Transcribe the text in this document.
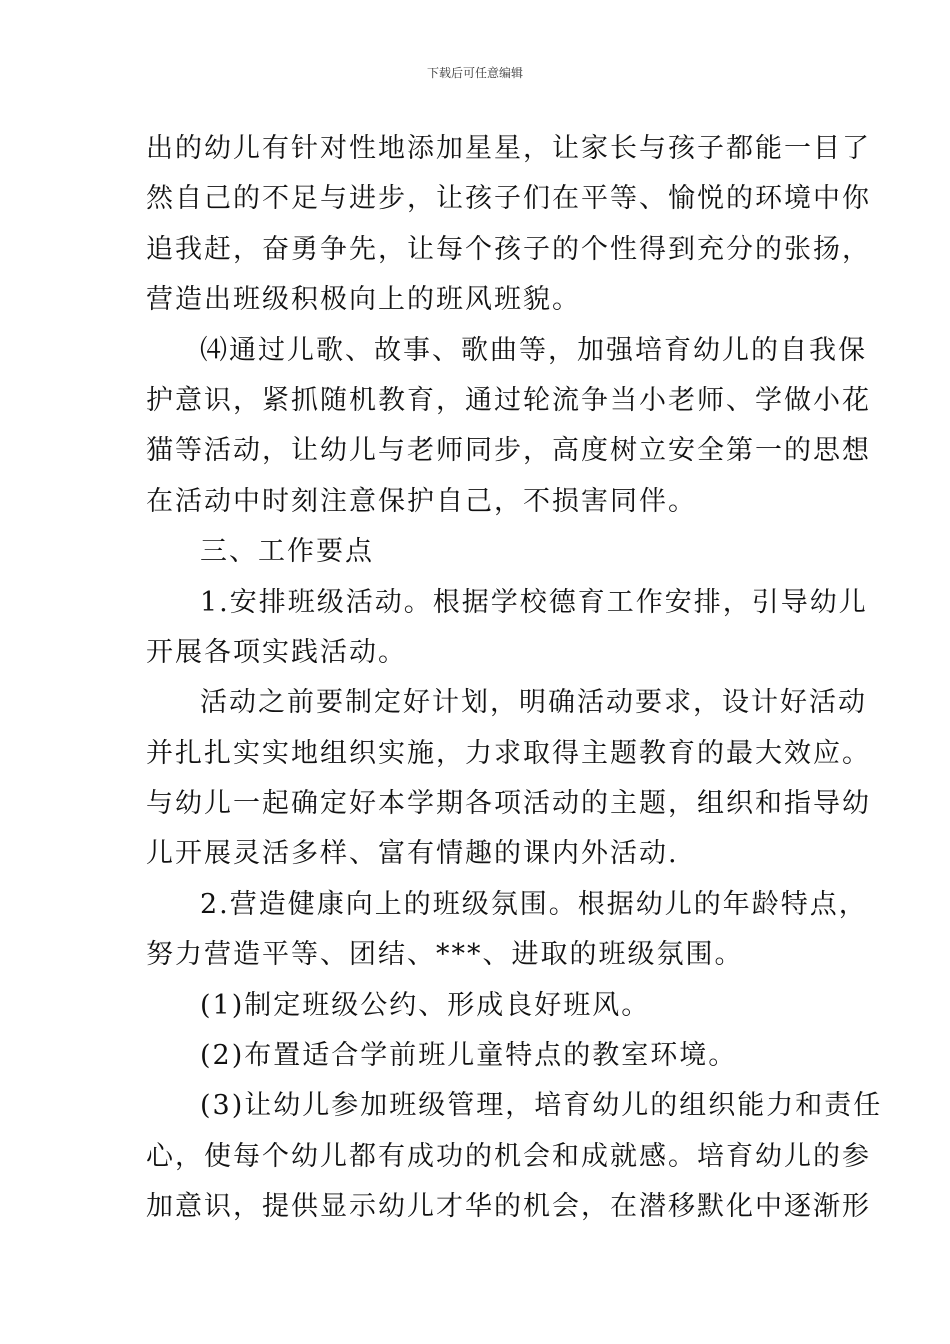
下载后可任意编辑
出的幼儿有针对性地添加星星，让家长与孩子都能一目了
然自己的不足与进步，让孩子们在平等、愉悦的环境中你
追我赶，奋勇争先，让每个孩子的个性得到充分的张扬，
营造出班级积极向上的班风班貌。
⑷通过儿歌、故事、歌曲等，加强培育幼儿的自我保
护意识，紧抓随机教育，通过轮流争当小老师、学做小花
猫等活动，让幼儿与老师同步，高度树立安全第一的思想
在活动中时刻注意保护自己，不损害同伴。
三、工作要点
1.安排班级活动。根据学校德育工作安排，引导幼儿
开展各项实践活动。
活动之前要制定好计划，明确活动要求，设计好活动
并扎扎实实地组织实施，力求取得主题教育的最大效应。
与幼儿一起确定好本学期各项活动的主题，组织和指导幼
儿开展灵活多样、富有情趣的课内外活动.
2.营造健康向上的班级氛围。根据幼儿的年龄特点，
努力营造平等、团结、***、进取的班级氛围。
(1)制定班级公约、形成良好班风。
(2)布置适合学前班儿童特点的教室环境。
(3)让幼儿参加班级管理，培育幼儿的组织能力和责任
心，使每个幼儿都有成功的机会和成就感。培育幼儿的参
加意识，提供显示幼儿才华的机会，在潜移默化中逐渐形
